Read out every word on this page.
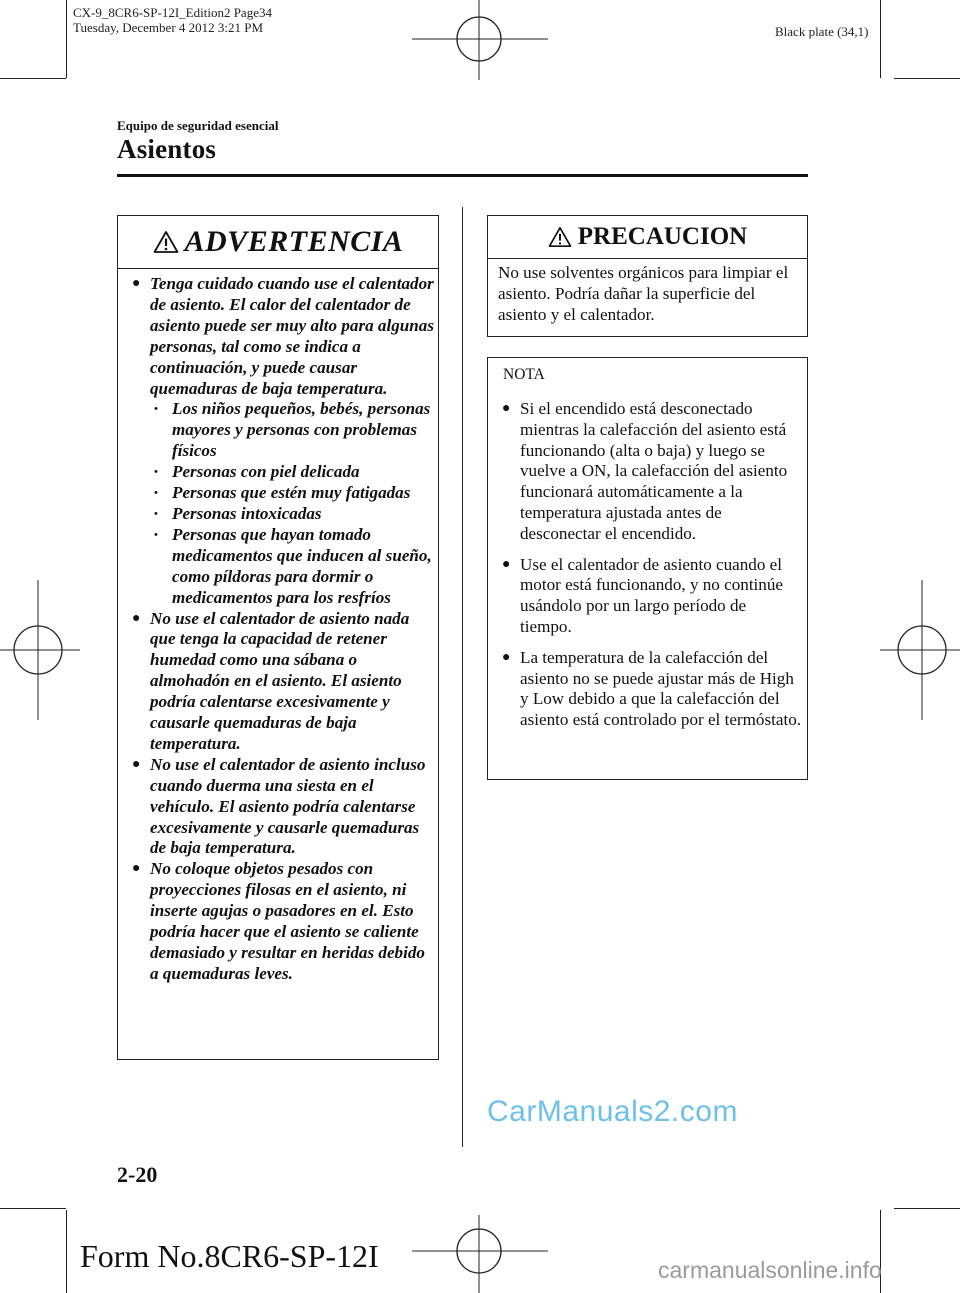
CX-9_8CR6-SP-12I_Edition2 Page34
Tuesday, December 4 2012 3:21 PM	Black plate (34,1)
Equipo de seguridad esencial
Asientos
ADVERTENCIA
● Tenga cuidado cuando use el calentador de asiento. El calor del calentador de asiento puede ser muy alto para algunas personas, tal como se indica a continuación, y puede causar quemaduras de baja temperatura.
• Los niños pequeños, bebés, personas mayores y personas con problemas físicos
• Personas con piel delicada
• Personas que estén muy fatigadas
• Personas intoxicadas
• Personas que hayan tomado medicamentos que inducen al sueño, como píldoras para dormir o medicamentos para los resfríos
● No use el calentador de asiento nada que tenga la capacidad de retener humedad como una sábana o almohadón en el asiento. El asiento podría calentarse excesivamente y causarle quemaduras de baja temperatura.
● No use el calentador de asiento incluso cuando duerma una siesta en el vehículo. El asiento podría calentarse excesivamente y causarle quemaduras de baja temperatura.
● No coloque objetos pesados con proyecciones filosas en el asiento, ni inserte agujas o pasadores en el. Esto podría hacer que el asiento se caliente demasiado y resultar en heridas debido a quemaduras leves.
PRECAUCION
No use solventes orgánicos para limpiar el asiento. Podría dañar la superficie del asiento y el calentador.
NOTA
● Si el encendido está desconectado mientras la calefacción del asiento está funcionando (alta o baja) y luego se vuelve a ON, la calefacción del asiento funcionará automáticamente a la temperatura ajustada antes de desconectar el encendido.
● Use el calentador de asiento cuando el motor está funcionando, y no continúe usándolo por un largo período de tiempo.
● La temperatura de la calefacción del asiento no se puede ajustar más de High y Low debido a que la calefacción del asiento está controlado por el termóstato.
CarManuals2.com
2-20
Form No.8CR6-SP-12I	carmanualsonline.info
